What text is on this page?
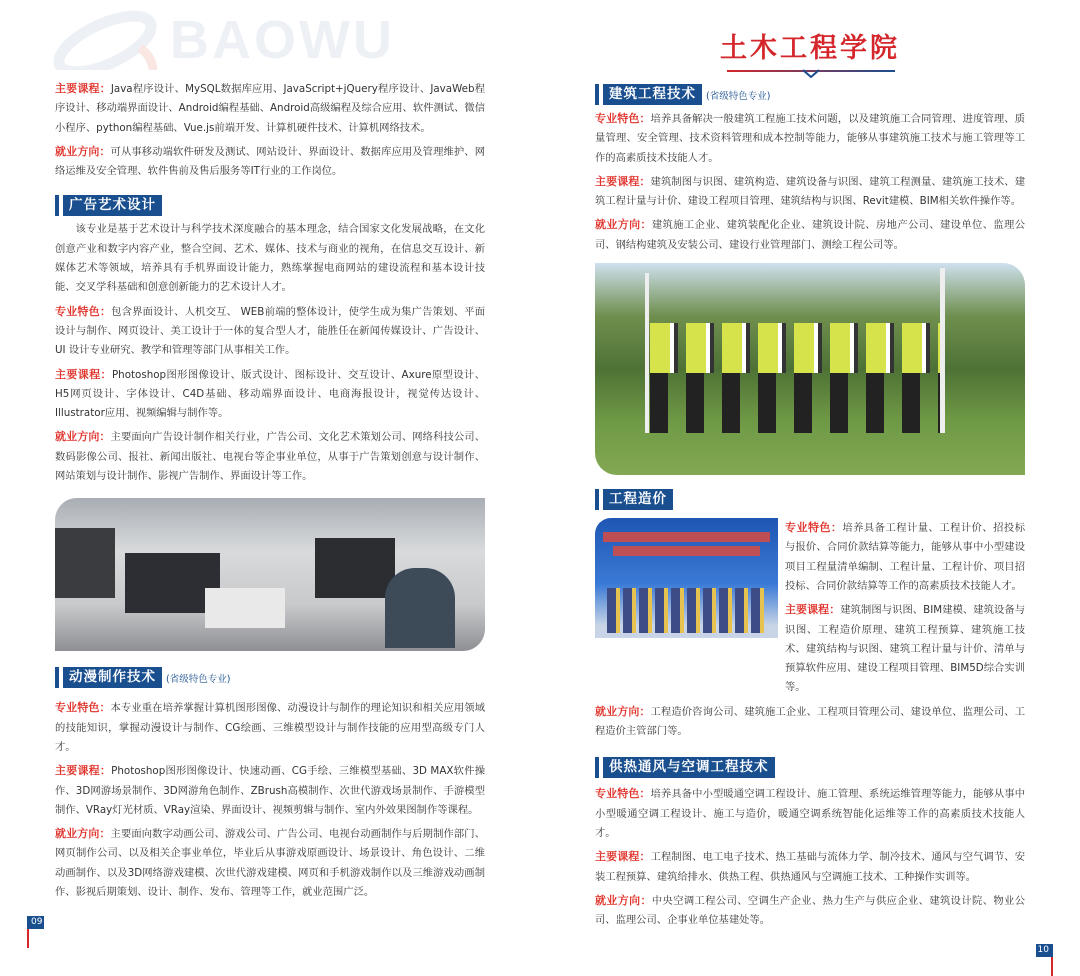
BAOWU
主要课程：Java程序设计、MySQL数据库应用、JavaScript+jQuery程序设计、JavaWeb程序设计、移动端界面设计、Android编程基础、Android高级编程及综合应用、软件测试、微信小程序、python编程基础、Vue.js前端开发、计算机硬件技术、计算机网络技术。
就业方向：可从事移动端软件研发及测试、网站设计、界面设计、数据库应用及管理维护、网络运维及安全管理、软件售前及售后服务等IT行业的工作岗位。
广告艺术设计
该专业是基于艺术设计与科学技术深度融合的基本理念，结合国家文化发展战略，在文化创意产业和数字内容产业，整合空间、艺术、媒体、技术与商业的视角，在信息交互设计、新媒体艺术等领域，培养具有手机界面设计能力，熟练掌握电商网站的建设流程和基本设计技能、交叉学科基础和创意创新能力的艺术设计人才。
专业特色：包含界面设计、人机交互、 WEB前端的整体设计，使学生成为集广告策划、平面设计与制作、网页设计、美工设计于一体的复合型人才，能胜任在新闻传媒设计、广告设计、 UI 设计专业研究、教学和管理等部门从事相关工作。
主要课程：Photoshop图形图像设计、版式设计、图标设计、交互设计、Axure原型设计、H5网页设计、字体设计、C4D基础、移动端界面设计、电商海报设计，视觉传达设计、Illustrator应用、视频编辑与制作等。
就业方向：主要面向广告设计制作相关行业，广告公司、文化艺术策划公司、网络科技公司、数码影像公司、报社、新闻出版社、电视台等企事业单位，从事于广告策划创意与设计制作、网站策划与设计制作、影视广告制作、界面设计等工作。
动漫制作技术	(省级特色专业)
专业特色：本专业重在培养掌握计算机图形图像、动漫设计与制作的理论知识和相关应用领域的技能知识，掌握动漫设计与制作、CG绘画、三维模型设计与制作技能的应用型高级专门人才。
主要课程：Photoshop图形图像设计、快速动画、CG手绘、三维模型基础、3D MAX软件操作、3D网游场景制作、3D网游角色制作、ZBrush高模制作、次世代游戏场景制作、手游模型制作、VRay灯光材质、VRay渲染、界面设计、视频剪辑与制作、室内外效果图制作等课程。
就业方向：主要面向数字动画公司、游戏公司、广告公司、电视台动画制作与后期制作部门、网页制作公司、以及相关企事业单位，毕业后从事游戏原画设计、场景设计、角色设计、二维动画制作、以及3D网络游戏建模、次世代游戏建模、网页和手机游戏制作以及三维游戏动画制作、影视后期策划、设计、制作、发布、管理等工作，就业范围广泛。
09
土木工程学院
建筑工程技术	(省级特色专业)
专业特色：培养具备解决一般建筑工程施工技术问题，以及建筑施工合同管理、进度管理、质量管理、安全管理、技术资料管理和成本控制等能力，能够从事建筑施工技术与施工管理等工作的高素质技术技能人才。
主要课程：建筑制图与识图、建筑构造、建筑设备与识图、建筑工程测量、建筑施工技术、建筑工程计量与计价、建设工程项目管理、建筑结构与识图、Revit建模、BIM相关软件操作等。
就业方向：建筑施工企业、建筑装配化企业、建筑设计院、房地产公司、建设单位、监理公司、钢结构建筑及安装公司、建设行业管理部门、测绘工程公司等。
工程造价
专业特色：培养具备工程计量、工程计价、招投标与报价、合同价款结算等能力，能够从事中小型建设项目工程量清单编制、工程计量、工程计价、项目招投标、合同价款结算等工作的高素质技术技能人才。
主要课程：建筑制图与识图、BIM建模、建筑设备与识图、工程造价原理、建筑工程预算、建筑施工技术、建筑结构与识图、建筑工程计量与计价、清单与预算软件应用、建设工程项目管理、BIM5D综合实训等。
就业方向：工程造价咨询公司、建筑施工企业、工程项目管理公司、建设单位、监理公司、工程造价主管部门等。
供热通风与空调工程技术
专业特色：培养具备中小型暖通空调工程设计、施工管理、系统运维管理等能力，能够从事中小型暖通空调工程设计、施工与造价，暖通空调系统智能化运维等工作的高素质技术技能人才。
主要课程：工程制图、电工电子技术、热工基础与流体力学、制冷技术、通风与空气调节、安装工程预算、建筑给排水、供热工程、供热通风与空调施工技术、工种操作实训等。
就业方向：中央空调工程公司、空调生产企业、热力生产与供应企业、建筑设计院、物业公司、监理公司、企事业单位基建处等。
10
